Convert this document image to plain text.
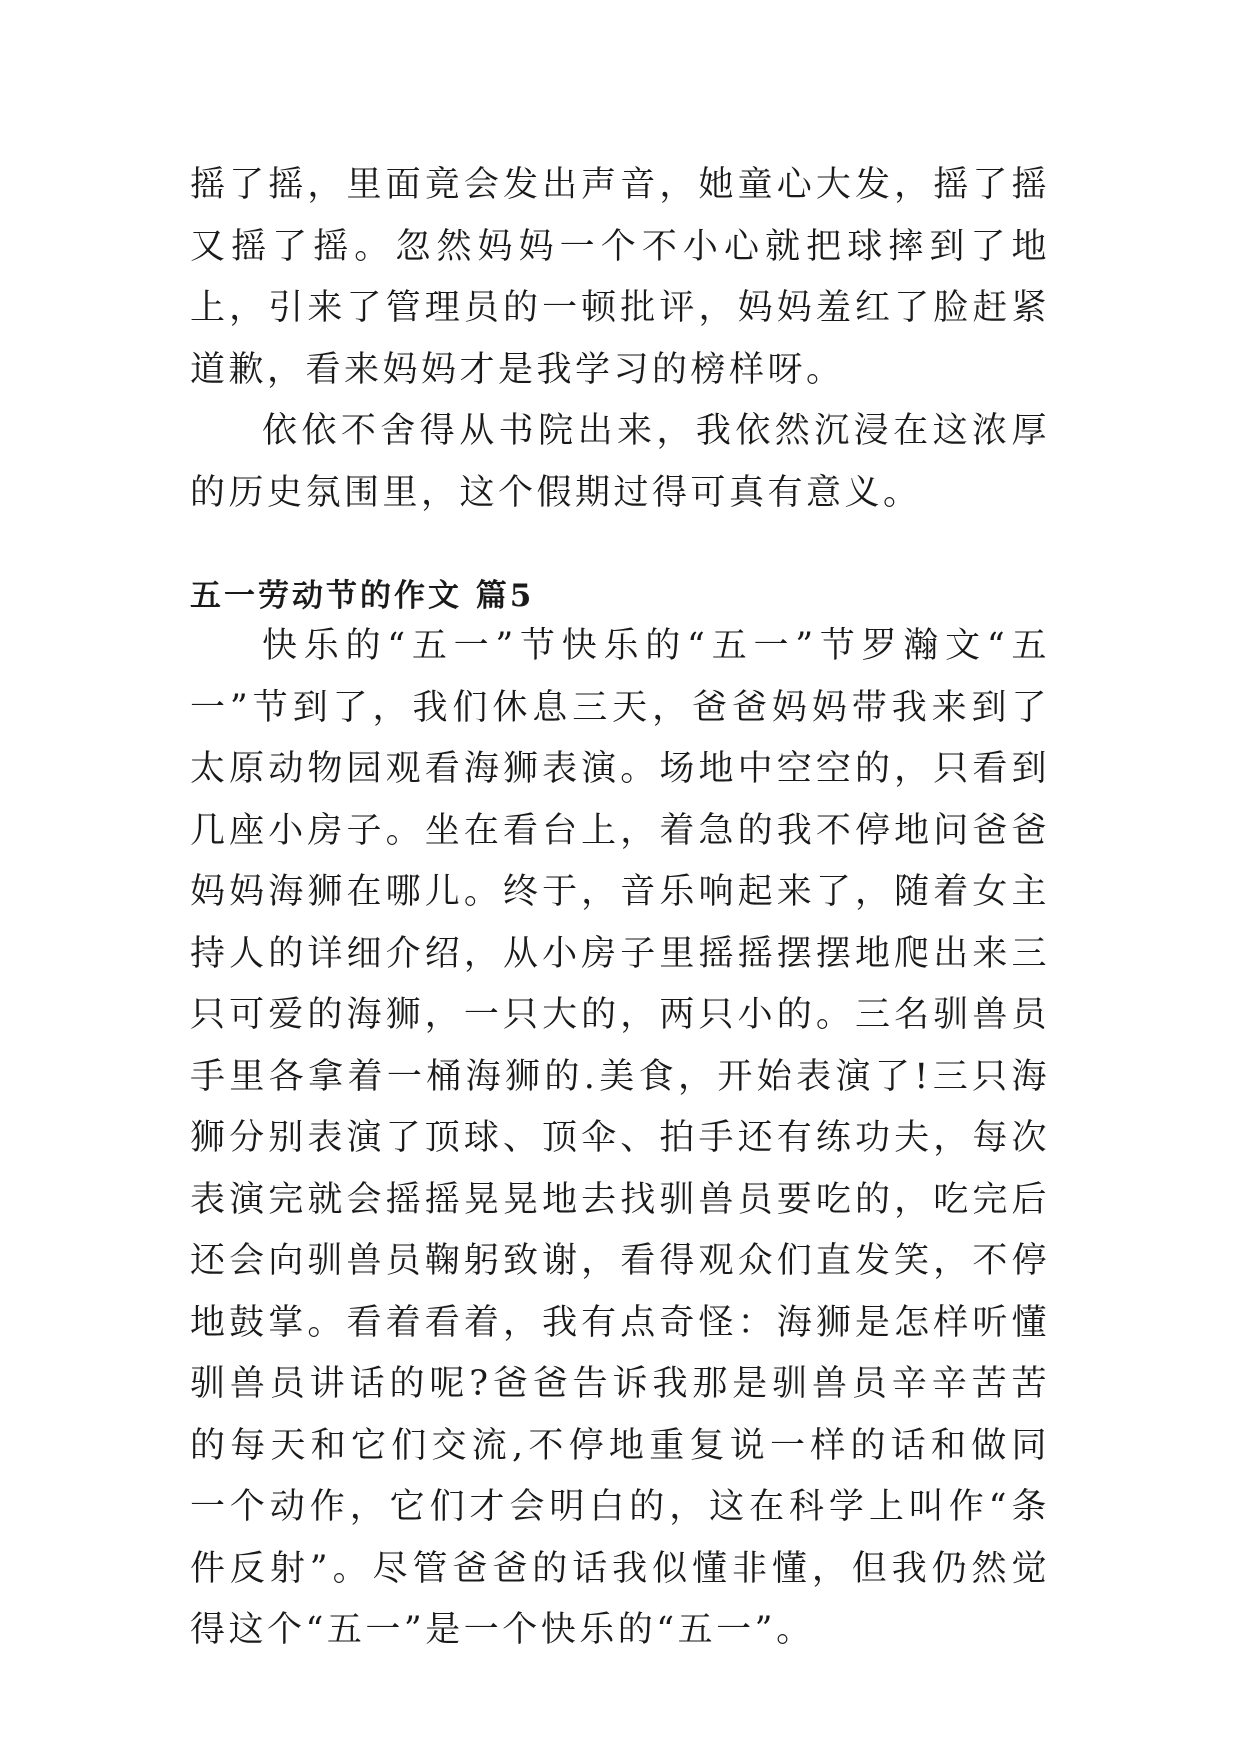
摇了摇，里面竟会发出声音，她童心大发，摇了摇又摇了摇。忽然妈妈一个不小心就把球摔到了地上，引来了管理员的一顿批评，妈妈羞红了脸赶紧道歉，看来妈妈才是我学习的榜样呀。

依依不舍得从书院出来，我依然沉浸在这浓厚的历史氛围里，这个假期过得可真有意义。

五一劳动节的作文 篇5

快乐的“五一”节快乐的“五一”节罗瀚文“五一”节到了，我们休息三天，爸爸妈妈带我来到了太原动物园观看海狮表演。场地中空空的，只看到几座小房子。坐在看台上，着急的我不停地问爸爸妈妈海狮在哪儿。终于，音乐响起来了，随着女主持人的详细介绍，从小房子里摇摇摆摆地爬出来三只可爱的海狮，一只大的，两只小的。三名驯兽员手里各拿着一桶海狮的.美食，开始表演了!三只海狮分别表演了顶球、顶伞、拍手还有练功夫，每次表演完就会摇摇晃晃地去找驯兽员要吃的，吃完后还会向驯兽员鞠躬致谢，看得观众们直发笑，不停地鼓掌。看着看着，我有点奇怪：海狮是怎样听懂驯兽员讲话的呢?爸爸告诉我那是驯兽员辛辛苦苦的每天和它们交流,不停地重复说一样的话和做同一个动作，它们才会明白的，这在科学上叫作“条件反射”。尽管爸爸的话我似懂非懂，但我仍然觉得这个“五一”是一个快乐的“五一”。
